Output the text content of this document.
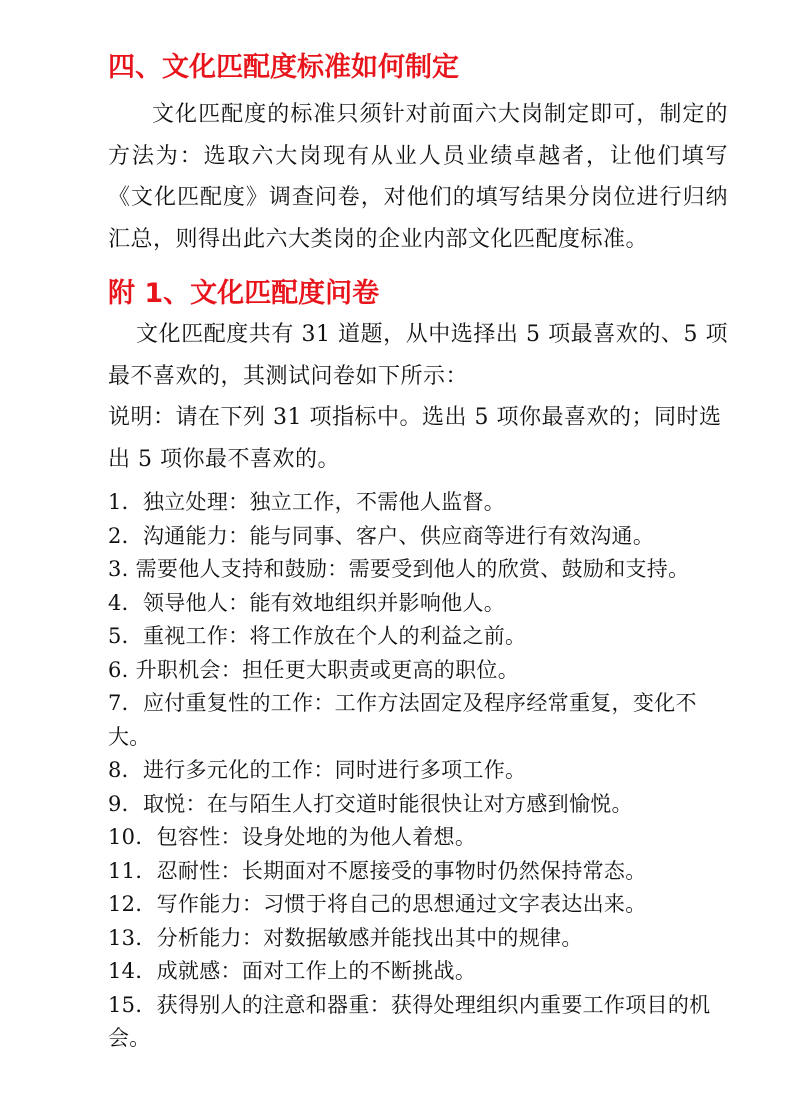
四、文化匹配度标准如何制定

文化匹配度的标准只须针对前面六大岗制定即可，制定的方法为：选取六大岗现有从业人员业绩卓越者，让他们填写《文化匹配度》调查问卷，对他们的填写结果分岗位进行归纳汇总，则得出此六大类岗的企业内部文化匹配度标准。

附 1、文化匹配度问卷

文化匹配度共有 31 道题，从中选择出 5 项最喜欢的、5 项最不喜欢的，其测试问卷如下所示：

说明：请在下列 31 项指标中。选出 5 项你最喜欢的；同时选出 5 项你最不喜欢的。

1．独立处理：独立工作，不需他人监督。
2．沟通能力：能与同事、客户、供应商等进行有效沟通。
3. 需要他人支持和鼓励：需要受到他人的欣赏、鼓励和支持。
4．领导他人：能有效地组织并影响他人。
5．重视工作：将工作放在个人的利益之前。
6. 升职机会：担任更大职责或更高的职位。
7．应付重复性的工作：工作方法固定及程序经常重复，变化不大。
8．进行多元化的工作：同时进行多项工作。
9．取悦：在与陌生人打交道时能很快让对方感到愉悦。
10．包容性：设身处地的为他人着想。
11．忍耐性：长期面对不愿接受的事物时仍然保持常态。
12．写作能力：习惯于将自己的思想通过文字表达出来。
13．分析能力：对数据敏感并能找出其中的规律。
14．成就感：面对工作上的不断挑战。
15．获得别人的注意和器重：获得处理组织内重要工作项目的机会。
